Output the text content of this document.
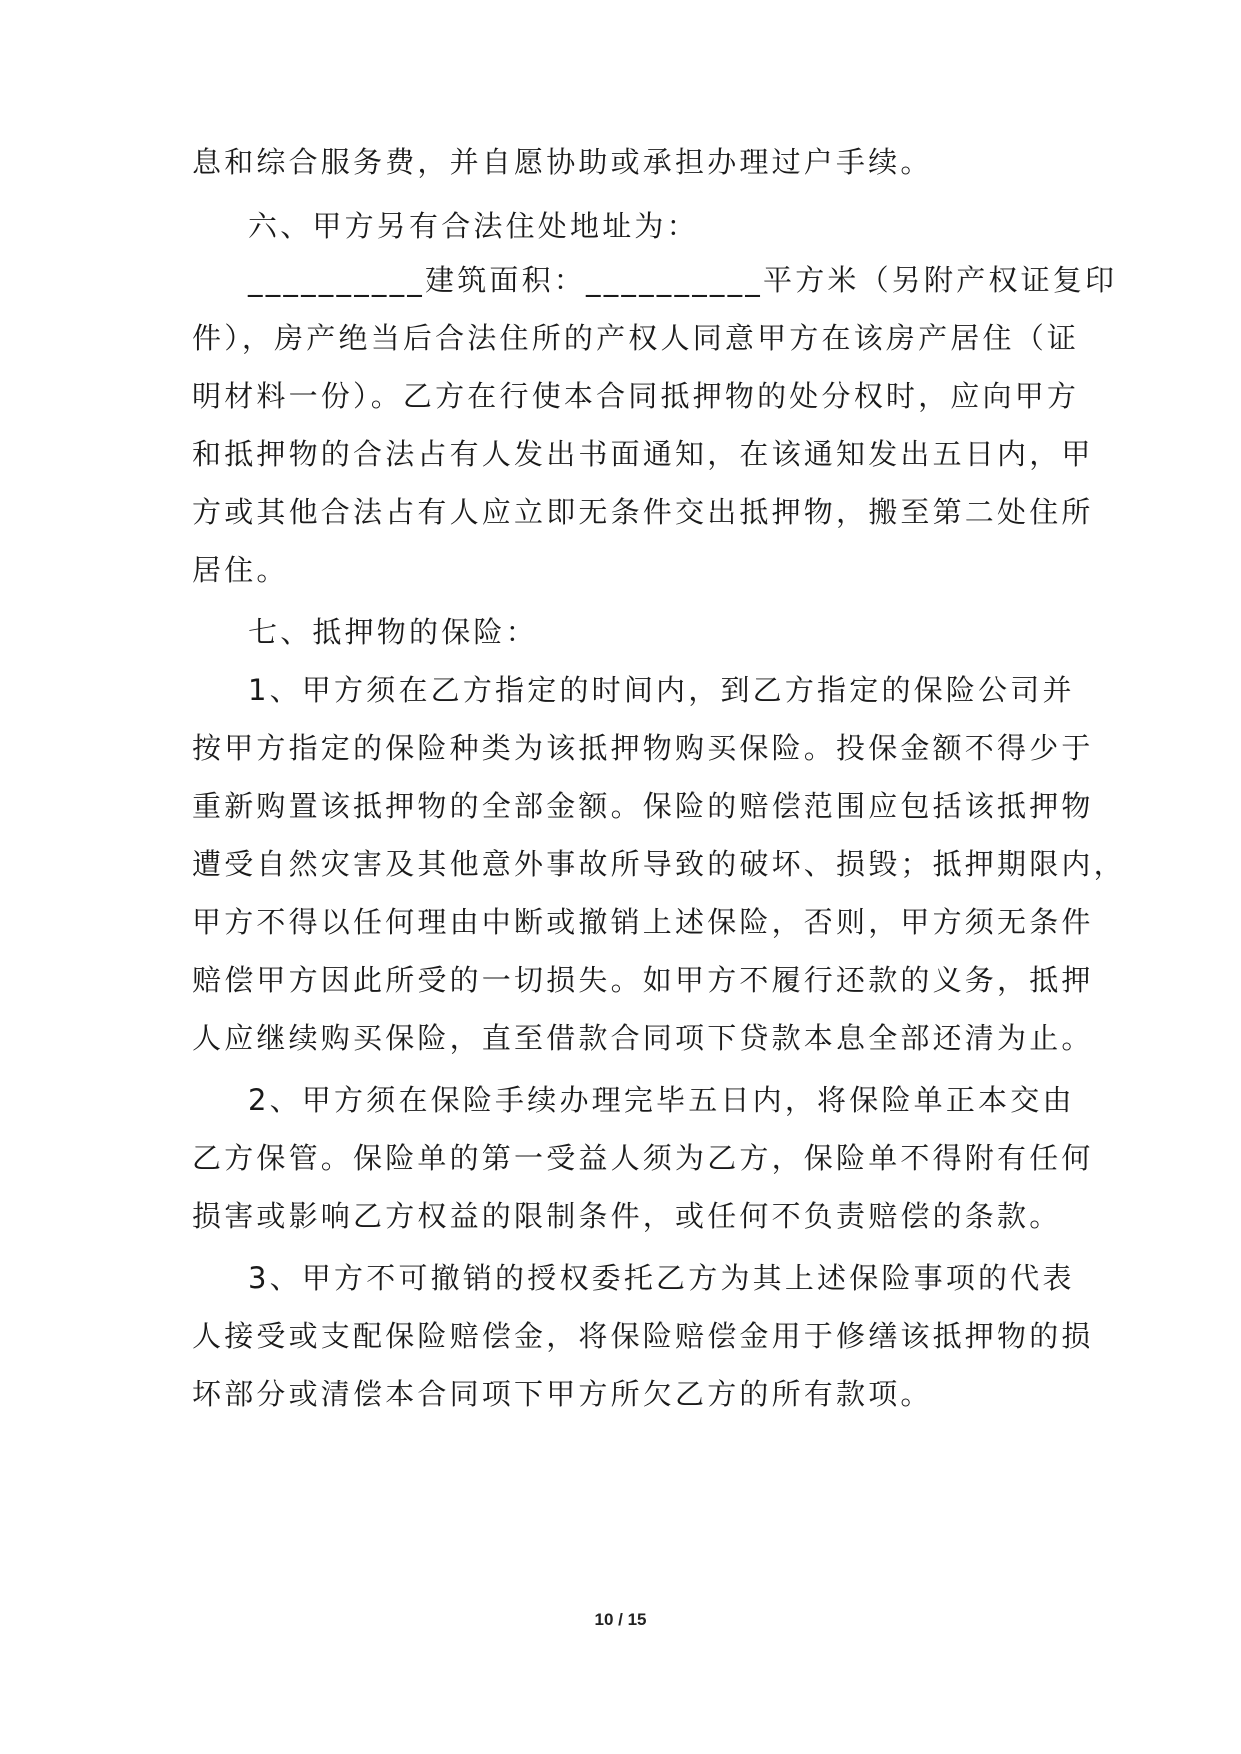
息和综合服务费，并自愿协助或承担办理过户手续。
六、甲方另有合法住处地址为：
__________建筑面积：__________平方米（另附产权证复印
件），房产绝当后合法住所的产权人同意甲方在该房产居住（证
明材料一份）。乙方在行使本合同抵押物的处分权时，应向甲方
和抵押物的合法占有人发出书面通知，在该通知发出五日内，甲
方或其他合法占有人应立即无条件交出抵押物，搬至第二处住所
居住。
七、抵押物的保险：
1、甲方须在乙方指定的时间内，到乙方指定的保险公司并
按甲方指定的保险种类为该抵押物购买保险。投保金额不得少于
重新购置该抵押物的全部金额。保险的赔偿范围应包括该抵押物
遭受自然灾害及其他意外事故所导致的破坏、损毁；抵押期限内，
甲方不得以任何理由中断或撤销上述保险，否则，甲方须无条件
赔偿甲方因此所受的一切损失。如甲方不履行还款的义务，抵押
人应继续购买保险，直至借款合同项下贷款本息全部还清为止。
2、甲方须在保险手续办理完毕五日内，将保险单正本交由
乙方保管。保险单的第一受益人须为乙方，保险单不得附有任何
损害或影响乙方权益的限制条件，或任何不负责赔偿的条款。
3、甲方不可撤销的授权委托乙方为其上述保险事项的代表
人接受或支配保险赔偿金，将保险赔偿金用于修缮该抵押物的损
坏部分或清偿本合同项下甲方所欠乙方的所有款项。
10 / 15
